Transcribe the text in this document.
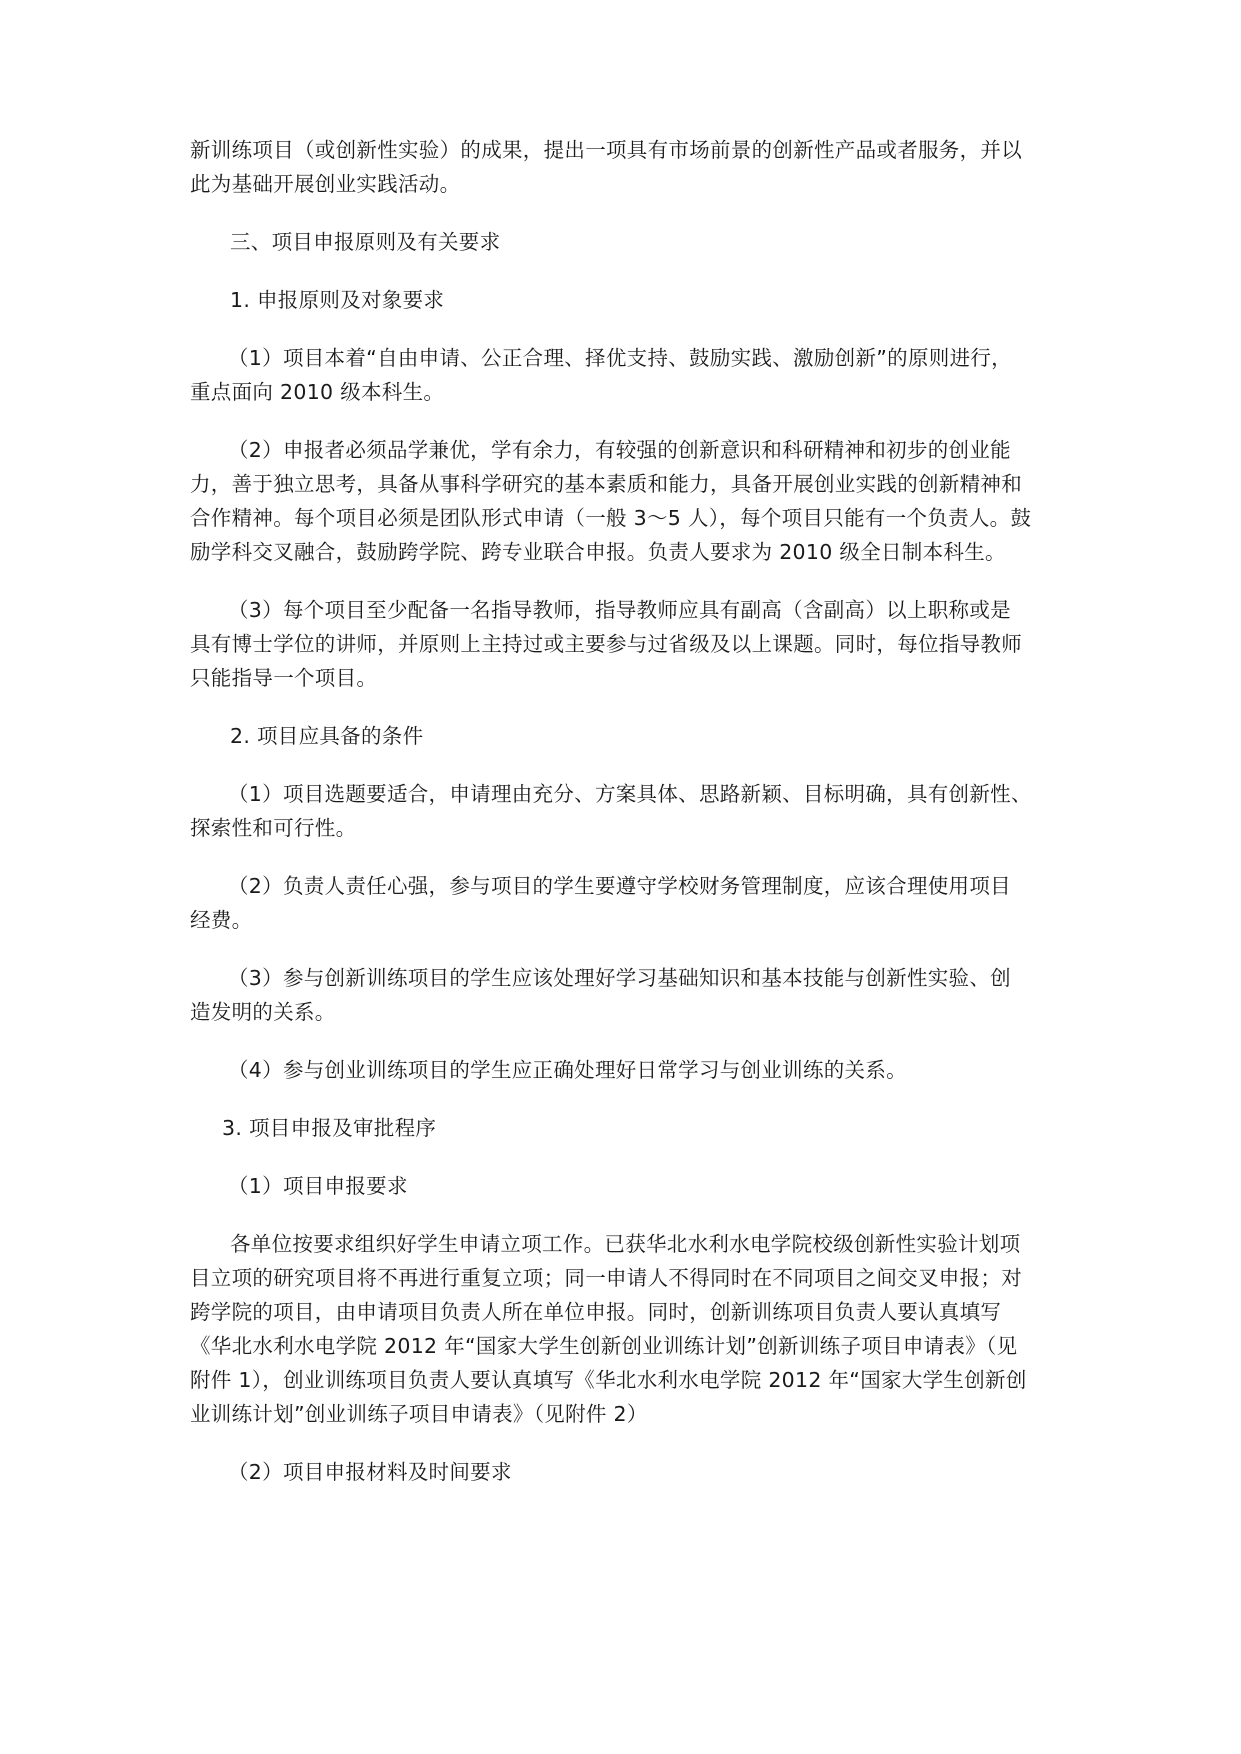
新训练项目（或创新性实验）的成果，提出一项具有市场前景的创新性产品或者服务，并以
此为基础开展创业实践活动。
三、项目申报原则及有关要求
1. 申报原则及对象要求
（1）项目本着“自由申请、公正合理、择优支持、鼓励实践、激励创新”的原则进行，
重点面向 2010 级本科生。
（2）申报者必须品学兼优，学有余力，有较强的创新意识和科研精神和初步的创业能
力，善于独立思考，具备从事科学研究的基本素质和能力，具备开展创业实践的创新精神和
合作精神。每个项目必须是团队形式申请（一般 3～5 人），每个项目只能有一个负责人。鼓
励学科交叉融合，鼓励跨学院、跨专业联合申报。负责人要求为 2010 级全日制本科生。
（3）每个项目至少配备一名指导教师，指导教师应具有副高（含副高）以上职称或是
具有博士学位的讲师，并原则上主持过或主要参与过省级及以上课题。同时，每位指导教师
只能指导一个项目。
2. 项目应具备的条件
（1）项目选题要适合，申请理由充分、方案具体、思路新颖、目标明确，具有创新性、
探索性和可行性。
（2）负责人责任心强，参与项目的学生要遵守学校财务管理制度，应该合理使用项目
经费。
（3）参与创新训练项目的学生应该处理好学习基础知识和基本技能与创新性实验、创
造发明的关系。
（4）参与创业训练项目的学生应正确处理好日常学习与创业训练的关系。
3. 项目申报及审批程序
（1）项目申报要求
各单位按要求组织好学生申请立项工作。已获华北水利水电学院校级创新性实验计划项
目立项的研究项目将不再进行重复立项；同一申请人不得同时在不同项目之间交叉申报；对
跨学院的项目，由申请项目负责人所在单位申报。同时，创新训练项目负责人要认真填写
《华北水利水电学院 2012 年“国家大学生创新创业训练计划”创新训练子项目申请表》（见
附件 1），创业训练项目负责人要认真填写《华北水利水电学院 2012 年“国家大学生创新创
业训练计划”创业训练子项目申请表》（见附件 2）
（2）项目申报材料及时间要求
